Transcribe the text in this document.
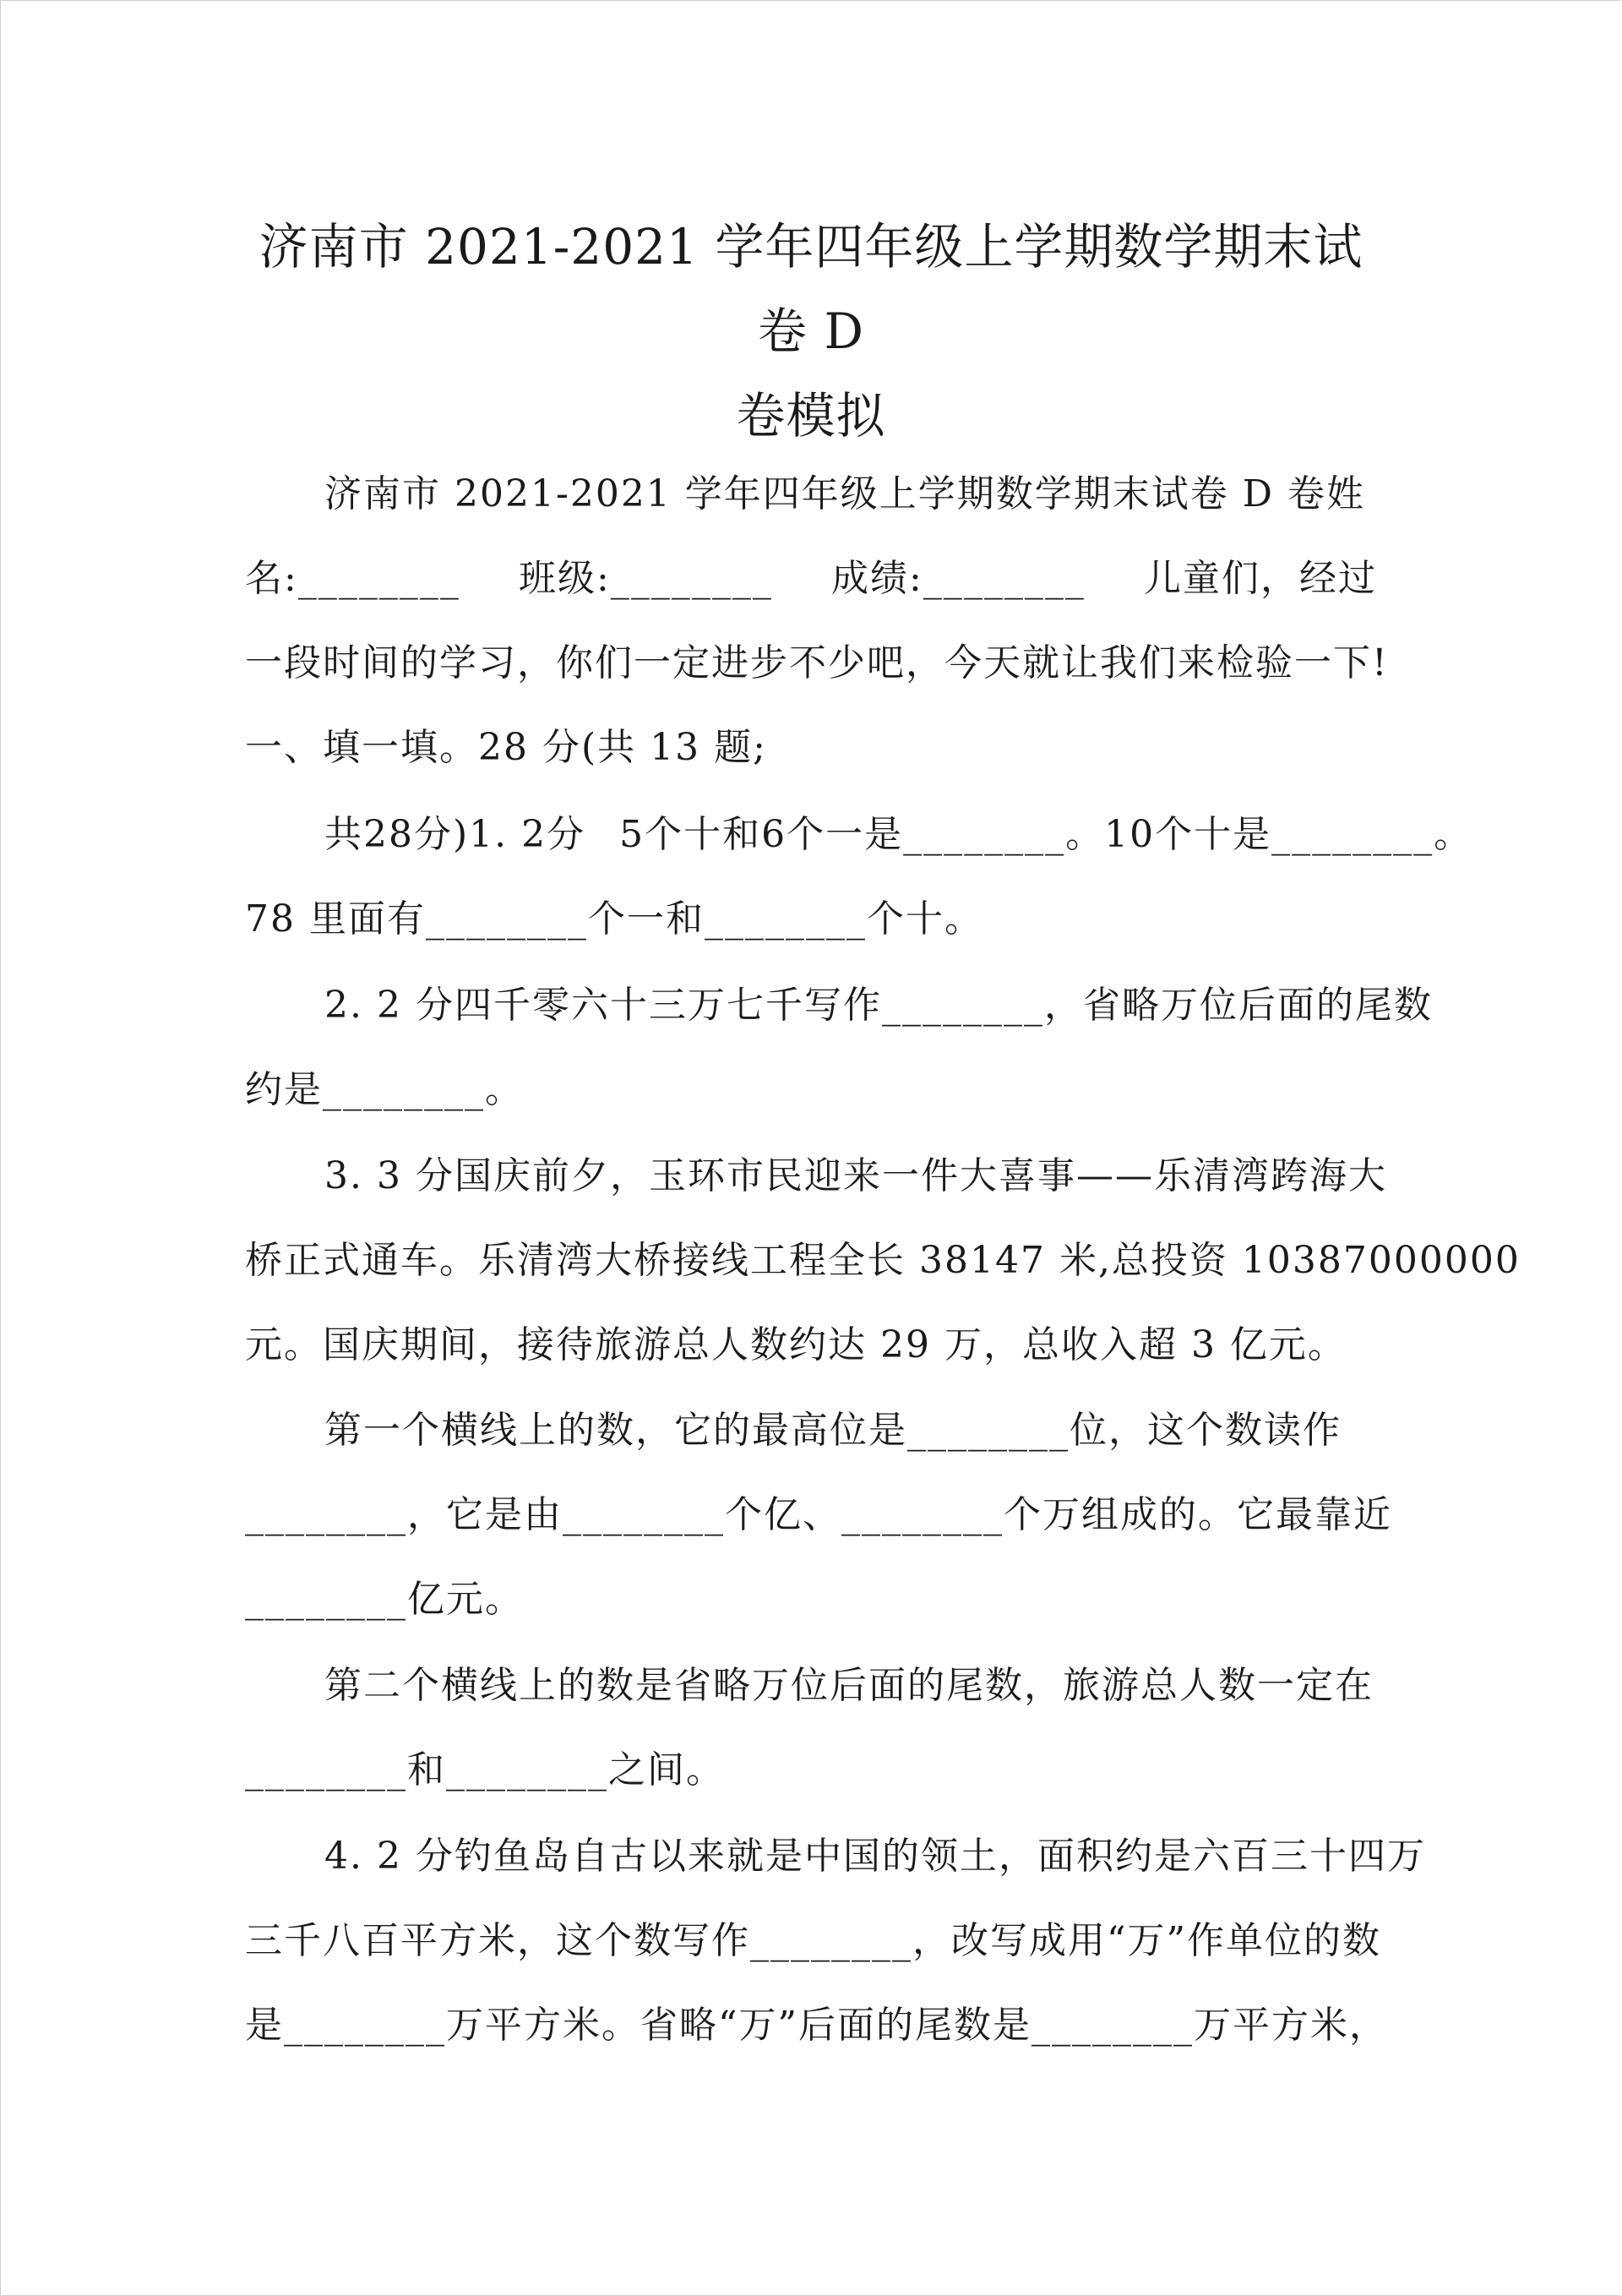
济南市 2021-2021 学年四年级上学期数学期末试卷 D
卷模拟
济南市 2021-2021 学年四年级上学期数学期末试卷 D 卷姓
名:________ 班级:________ 成绩:________ 儿童们，经过
一段时间的学习，你们一定进步不少吧，今天就让我们来检验一下!
一、填一填。28 分(共 13 题;
共28分)1. 2分 5个十和6个一是________。10个十是________。
78 里面有________个一和________个十。
2. 2 分四千零六十三万七千写作________，省略万位后面的尾数
约是________。
3. 3 分国庆前夕，玉环市民迎来一件大喜事——乐清湾跨海大
桥正式通车。乐清湾大桥接线工程全长 38147 米,总投资 10387000000
元。国庆期间，接待旅游总人数约达 29 万，总收入超 3 亿元。
第一个横线上的数，它的最高位是________位，这个数读作
________，它是由________个亿、________个万组成的。它最靠近
________亿元。
第二个横线上的数是省略万位后面的尾数，旅游总人数一定在
________和________之间。
4. 2 分钓鱼岛自古以来就是中国的领土，面积约是六百三十四万
三千八百平方米，这个数写作________，改写成用“万”作单位的数
是________万平方米。省略“万”后面的尾数是________万平方米，
